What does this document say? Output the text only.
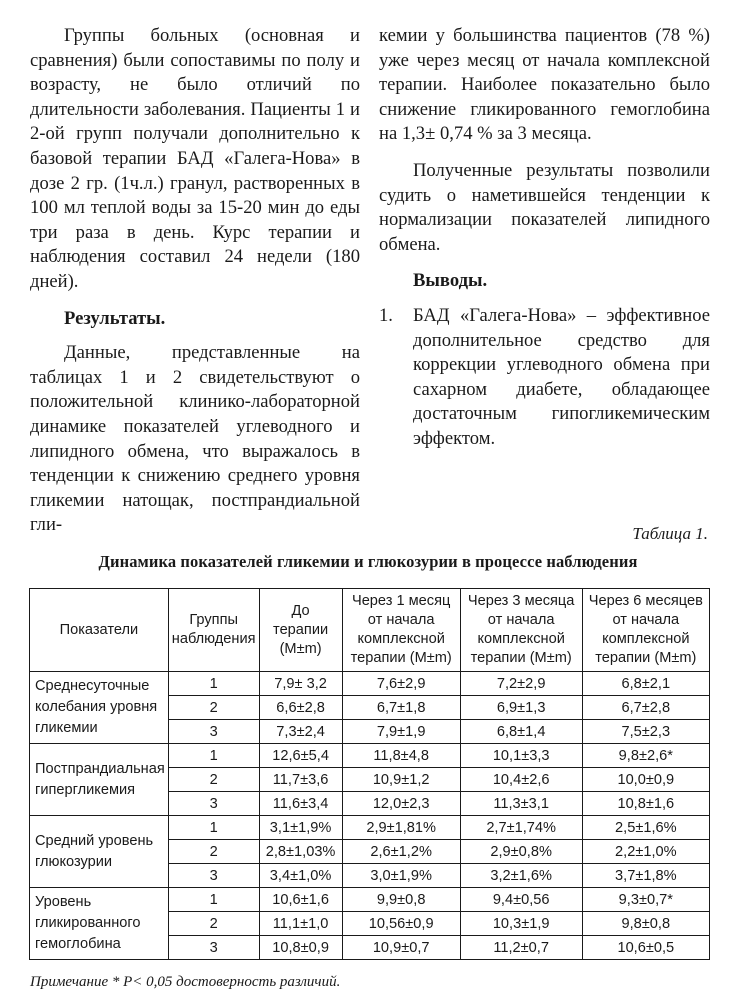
Группы больных (основная и сравнения) были сопоставимы по полу и возрасту, не было отличий по длительности заболевания. Пациенты 1 и 2-ой групп получали дополнительно к базовой терапии БАД «Галега-Нова» в дозе 2 гр. (1ч.л.) гранул, растворенных в 100 мл теплой воды за 15-20 мин до еды три раза в день. Курс терапии и наблюдения составил 24 недели (180 дней).

Результаты.

Данные, представленные на таблицах 1 и 2 свидетельствуют о положительной клинико-лабораторной динамике показателей углеводного и липидного обмена, что выражалось в тенденции к снижению среднего уровня гликемии натощак, постпрандиальной гли-

кемии у большинства пациентов (78 %) уже через месяц от начала комплексной терапии. Наиболее показательно было снижение гликированного гемоглобина на 1,3± 0,74 % за 3 месяца.

Полученные результаты позволили судить о наметившейся тенденции к нормализации показателей липидного обмена.

Выводы.

1.	БАД «Галега-Нова» – эффективное дополнительное средство для коррекции углеводного обмена при сахарном диабете, обладающее достаточным гипогликемическим эффектом.
Таблица 1.
Динамика показателей гликемии и глюкозурии в процессе наблюдения
Показатели	Группы наблюдения	До терапии (M±m)	Через 1 месяц от начала комплексной терапии (M±m)	Через 3 месяца от начала комплексной терапии (M±m)	Через 6 месяцев от начала комплексной терапии (M±m)
Среднесуточные колебания уровня гликемии	1	7,9± 3,2	7,6±2,9	7,2±2,9	6,8±2,1
	2	6,6±2,8	6,7±1,8	6,9±1,3	6,7±2,8
	3	7,3±2,4	7,9±1,9	6,8±1,4	7,5±2,3
Постпрандиальная гипергликемия	1	12,6±5,4	11,8±4,8	10,1±3,3	9,8±2,6*
	2	11,7±3,6	10,9±1,2	10,4±2,6	10,0±0,9
	3	11,6±3,4	12,0±2,3	11,3±3,1	10,8±1,6
Средний уровень глюкозурии	1	3,1±1,9%	2,9±1,81%	2,7±1,74%	2,5±1,6%
	2	2,8±1,03%	2,6±1,2%	2,9±0,8%	2,2±1,0%
	3	3,4±1,0%	3,0±1,9%	3,2±1,6%	3,7±1,8%
Уровень гликированного гемоглобина	1	10,6±1,6	9,9±0,8	9,4±0,56	9,3±0,7*
	2	11,1±1,0	10,56±0,9	10,3±1,9	9,8±0,8
	3	10,8±0,9	10,9±0,7	11,2±0,7	10,6±0,5
Примечание * P< 0,05 достоверность различий.
